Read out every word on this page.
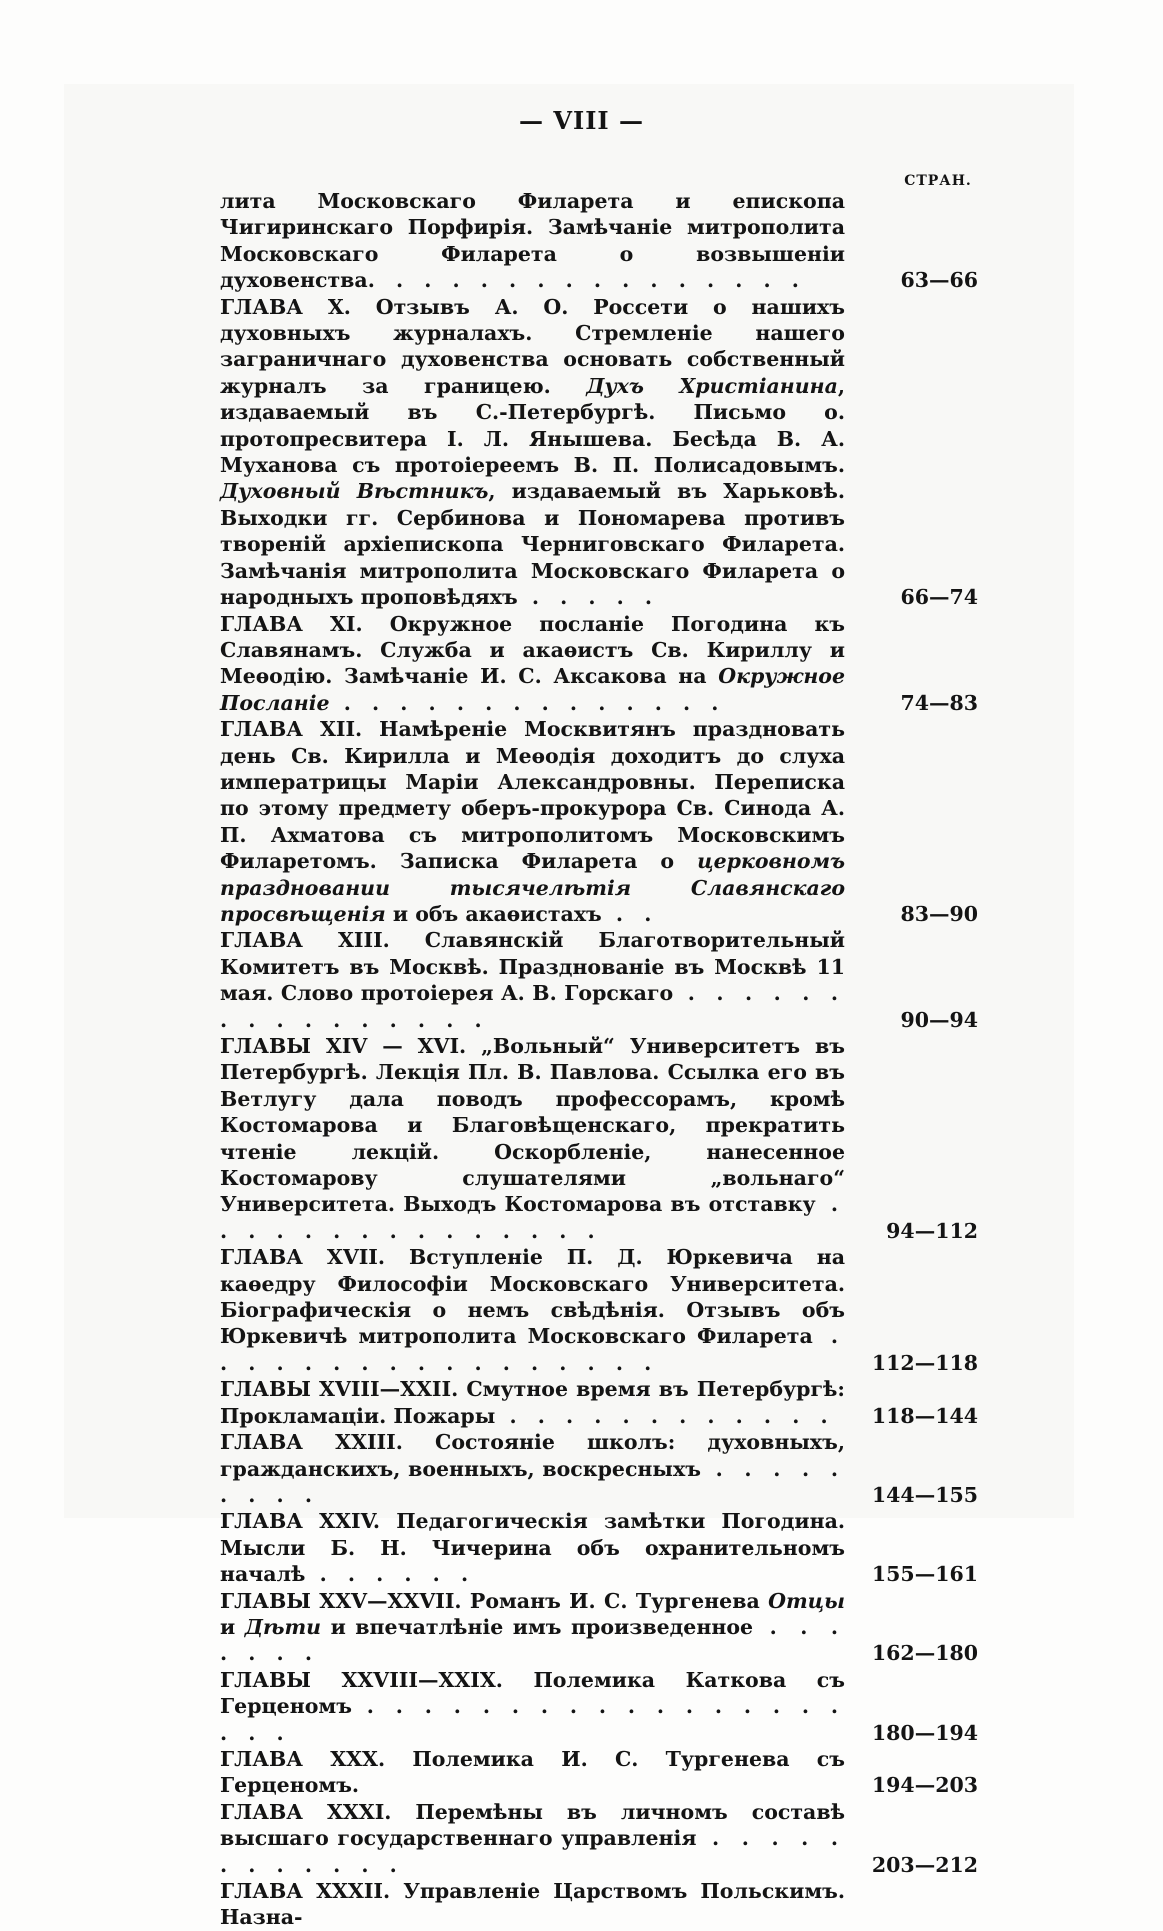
— VIII —
СТРАН.
лита Московскаго Филарета и епископа Чигиринскаго Порфирія. Замѣчаніе митрополита Московскаго Филарета о возвышеніи духовенства. . . . . . . . . . . . . . . .	63—66
ГЛАВА X. Отзывъ А. О. Россети о нашихъ духовныхъ журналахъ. Стремленіе нашего заграничнаго духовенства основать собственный журналъ за границею. Духъ Христіанина, издаваемый въ С.-Петербургѣ. Письмо о. протопресвитера І. Л. Янышева. Бесѣда В. А. Муханова съ протоіереемъ В. П. Полисадовымъ. Духовный Вѣстникъ, издаваемый въ Харьковѣ. Выходки гг. Сербинова и Пономарева противъ твореній архіепископа Черниговскаго Филарета. Замѣчанія митрополита Московскаго Филарета о народныхъ проповѣдяхъ . . . . .	66—74
ГЛАВА XI. Окружное посланіе Погодина къ Славянамъ. Служба и акаѳистъ Св. Кириллу и Меѳодію. Замѣчаніе И. С. Аксакова на Окружное Посланіе . . . . . . . . . . . . . .	74—83
ГЛАВА XII. Намѣреніе Москвитянъ праздновать день Св. Кирилла и Меѳодія доходитъ до слуха императрицы Маріи Александровны. Переписка по этому предмету оберъ-прокурора Св. Синода А. П. Ахматова съ митрополитомъ Московскимъ Филаретомъ. Записка Филарета о церковномъ праздновании тысячелѣтія Славянскаго просвѣщенія и объ акаѳистахъ . .	83—90
ГЛАВА XIII. Славянскій Благотворительный Комитетъ въ Москвѣ. Празднованіе въ Москвѣ 11 мая. Слово протоіерея А. В. Горскаго . . . . . . . . . . . . . . . .	90—94
ГЛАВЫ XIV — XVI. „Вольный“ Университетъ въ Петербургѣ. Лекція Пл. В. Павлова. Ссылка его въ Ветлугу дала поводъ профессорамъ, кромѣ Костомарова и Благовѣщенскаго, прекратить чтеніе лекцій. Оскорбленіе, нанесенное Костомарову слушателями „вольнаго“ Университета. Выходъ Костомарова въ отставку . . . . . . . . . . . . . . .	94—112
ГЛАВА XVII. Вступленіе П. Д. Юркевича на каѳедру Философіи Московскаго Университета. Біографическія о немъ свѣдѣнія. Отзывъ объ Юркевичѣ митрополита Московскаго Филарета . . . . . . . . . . . . . . . . .	112—118
ГЛАВЫ XVIII—XXII. Смутное время въ Петербургѣ: Прокламаціи. Пожары . . . . . . . . . . . .	118—144
ГЛАВА XXIII. Состояніе школъ: духовныхъ, гражданскихъ, военныхъ, воскресныхъ . . . . . . . . .	144—155
ГЛАВА XXIV. Педагогическія замѣтки Погодина. Мысли Б. Н. Чичерина объ охранительномъ началѣ . . . . . .	155—161
ГЛАВЫ XXV—XXVII. Романъ И. С. Тургенева Отцы и Дѣти и впечатлѣніе имъ произведенное . . . . . . .	162—180
ГЛАВЫ XXVIII—XXIX. Полемика Каткова съ Герценомъ . . . . . . . . . . . . . . . . . . . .	180—194
ГЛАВА XXX. Полемика И. С. Тургенева съ Герценомъ.	194—203
ГЛАВА XXXI. Перемѣны въ личномъ составѣ высшаго государственнаго управленія . . . . . . . . . . . .	203—212
ГЛАВА XXXII. Управленіе Царствомъ Польскимъ. Назна-
